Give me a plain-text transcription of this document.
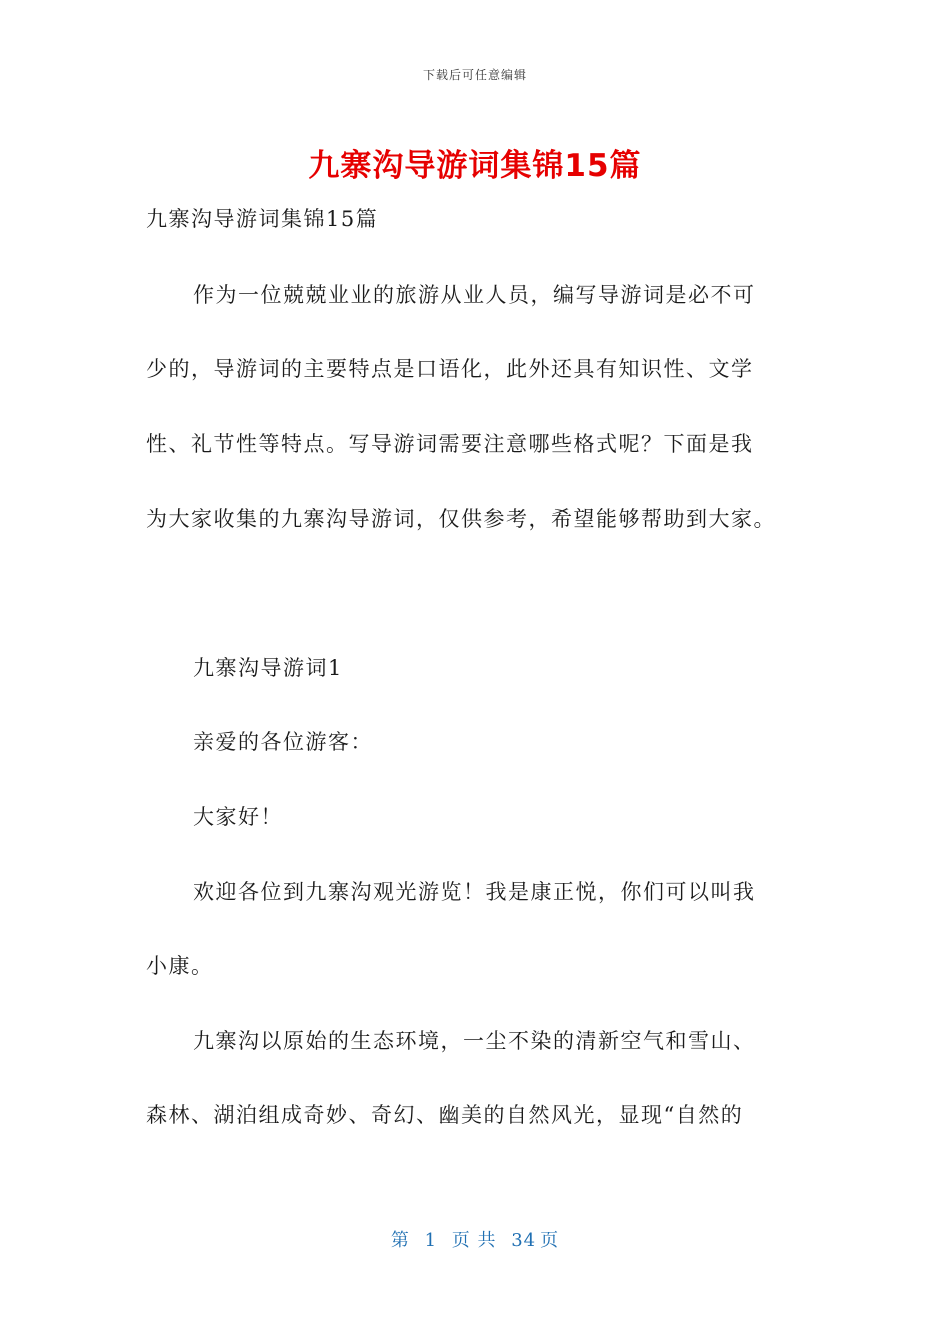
下载后可任意编辑
九寨沟导游词集锦15篇
九寨沟导游词集锦15篇
作为一位兢兢业业的旅游从业人员，编写导游词是必不可
少的，导游词的主要特点是口语化，此外还具有知识性、文学
性、礼节性等特点。写导游词需要注意哪些格式呢？下面是我
为大家收集的九寨沟导游词，仅供参考，希望能够帮助到大家。
九寨沟导游词1
亲爱的各位游客：
大家好！
欢迎各位到九寨沟观光游览！我是康正悦，你们可以叫我
小康。
九寨沟以原始的生态环境，一尘不染的清新空气和雪山、
森林、湖泊组成奇妙、奇幻、幽美的自然风光，显现“自然的
第 1 页 共 34 页
